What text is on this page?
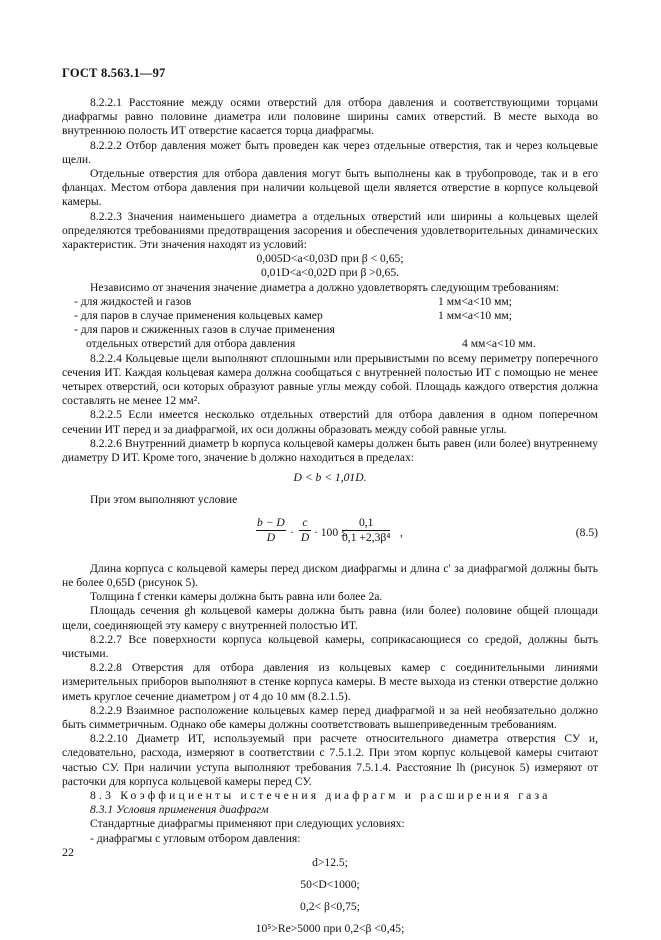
ГОСТ 8.563.1—97

8.2.2.1 Расстояние между осями отверстий для отбора давления и соответствующими торцами диафрагмы равно половине диаметра или половине ширины самих отверстий. В месте выхода во внутреннюю полость ИТ отверстие касается торца диафрагмы.

8.2.2.2 Отбор давления может быть проведен как через отдельные отверстия, так и через кольцевые щели.

Отдельные отверстия для отбора давления могут быть выполнены как в трубопроводе, так и в его фланцах. Местом отбора давления при наличии кольцевой щели является отверстие в корпусе кольцевой камеры.

8.2.2.3 Значения наименьшего диаметра a отдельных отверстий или ширины a кольцевых щелей определяются требованиями предотвращения засорения и обеспечения удовлетворительных динамических характеристик. Эти значения находят из условий:

0,005D<a<0,03D при β < 0,65;

0,01D<a<0,02D при β >0,65.

Независимо от значения значение диаметра a должно удовлетворять следующим требованиям:

- для жидкостей и газов	1 мм<a<10 мм;
- для паров в случае применения кольцевых камер	1 мм<a<10 мм;
- для паров и сжиженных газов в случае применения
отдельных отверстий для отбора давления	4 мм<a<10 мм.

8.2.2.4 Кольцевые щели выполняют сплошными или прерывистыми по всему периметру поперечного сечения ИТ. Каждая кольцевая камера должна сообщаться с внутренней полостью ИТ с помощью не менее четырех отверстий, оси которых образуют равные углы между собой. Площадь каждого отверстия должна составлять не менее 12 мм².

8.2.2.5 Если имеется несколько отдельных отверстий для отбора давления в одном поперечном сечении ИТ перед и за диафрагмой, их оси должны образовать между собой равные углы.

8.2.2.6 Внутренний диаметр b корпуса кольцевой камеры должен быть равен (или более) внутреннему диаметру D ИТ. Кроме того, значение b должно находиться в пределах:

D < b < 1,01D.

При этом выполняют условие

$\frac{b - D}{D} \cdot \frac{c}{D} \cdot 100$ ≤
$\frac{0,1}{\text{0,1 +2,3β⁴}}$ ,	(8.5)

Длина корпуса c кольцевой камеры перед диском диафрагмы и длина c' за диафрагмой должны быть не более 0,65D (рисунок 5).

Толщина f стенки камеры должна быть равна или более 2a.

Площадь сечения gh кольцевой камеры должна быть равна (или более) половине общей площади щели, соединяющей эту камеру с внутренней полостью ИТ.

8.2.2.7 Все поверхности корпуса кольцевой камеры, соприкасающиеся со средой, должны быть чистыми.

8.2.2.8 Отверстия для отбора давления из кольцевых камер с соединительными линиями измерительных приборов выполняют в стенке корпуса камеры. В месте выхода из стенки отверстие должно иметь круглое сечение диаметром j от 4 до 10 мм (8.2.1.5).

8.2.2.9 Взаимное расположение кольцевых камер перед диафрагмой и за ней необязательно должно быть симметричным. Однако обе камеры должны соответствовать вышеприведенным требованиям.

8.2.2.10 Диаметр ИТ, используемый при расчете относительного диаметра отверстия СУ и, следовательно, расхода, измеряют в соответствии с 7.5.1.2. При этом корпус кольцевой камеры считают частью СУ. При наличии уступа выполняют требования 7.5.1.4. Расстояние lh (рисунок 5) измеряют от расточки для корпуса кольцевой камеры перед СУ.

8.3 Коэффициенты истечения диафрагм и расширения газа

8.3.1 Условия применения диафрагм

Стандартные диафрагмы применяют при следующих условиях:

- диафрагмы с угловым отбором давления:

d>12.5;

50<D<1000;

0,2< β<0,75;

10⁵>Re>5000 при 0,2<β <0,45;

22
